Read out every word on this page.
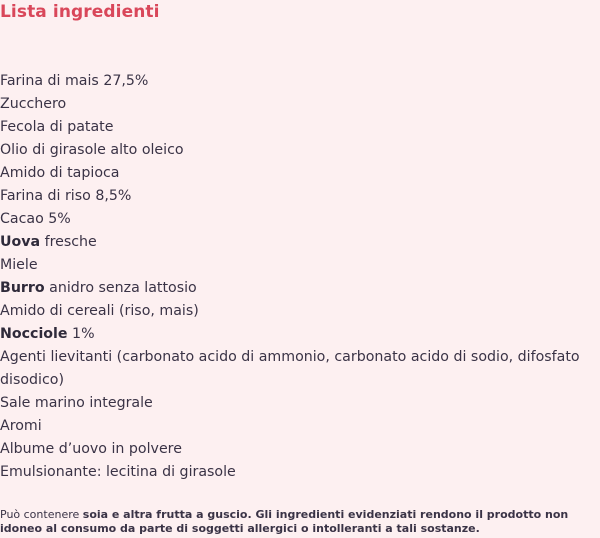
Lista ingredienti
Farina di mais 27,5%
Zucchero
Fecola di patate
Olio di girasole alto oleico
Amido di tapioca
Farina di riso 8,5%
Cacao 5%
Uova fresche
Miele
Burro anidro senza lattosio
Amido di cereali (riso, mais)
Nocciole 1%
Agenti lievitanti (carbonato acido di ammonio, carbonato acido di sodio, difosfato disodico)
Sale marino integrale
Aromi
Albume d’uovo in polvere
Emulsionante: lecitina di girasole
Può contenere soia e altra frutta a guscio. Gli ingredienti evidenziati rendono il prodotto non idoneo al consumo da parte di soggetti allergici o intolleranti a tali sostanze.
